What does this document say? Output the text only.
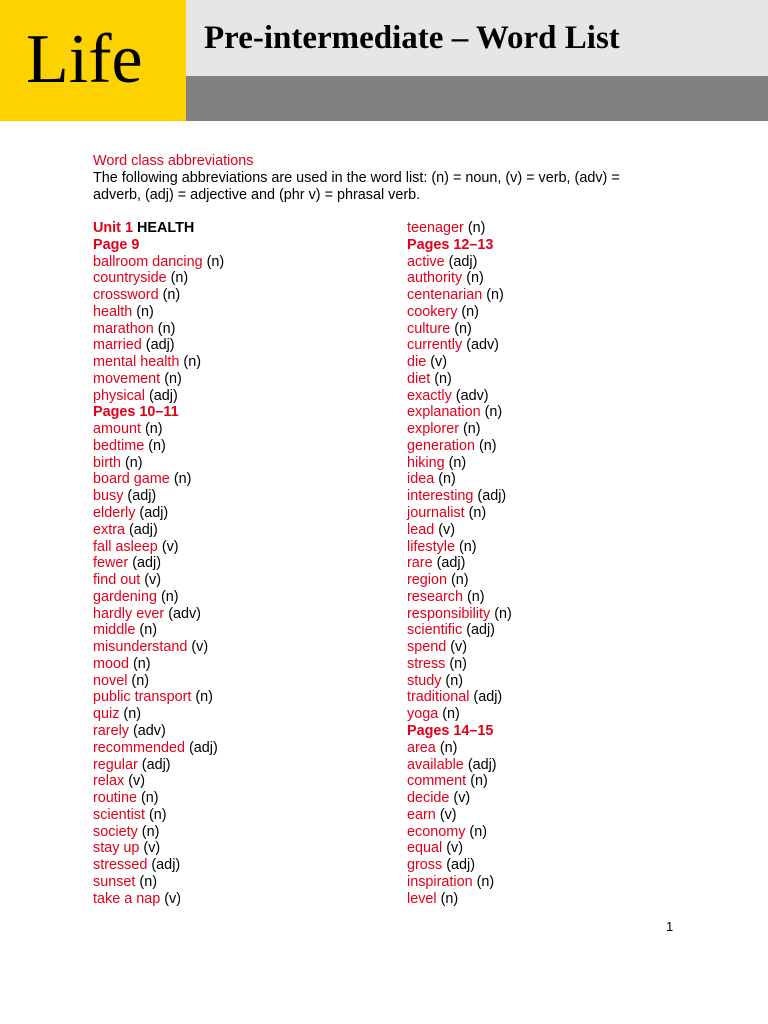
Life Pre-intermediate – Word List
Word class abbreviations
The following abbreviations are used in the word list: (n) = noun, (v) = verb, (adv) =
adverb, (adj) = adjective and (phr v) = phrasal verb.
Unit 1 HEALTH
Page 9
ballroom dancing (n)
countryside (n)
crossword (n)
health (n)
marathon (n)
married (adj)
mental health (n)
movement (n)
physical (adj)
Pages 10–11
amount (n)
bedtime (n)
birth (n)
board game (n)
busy (adj)
elderly (adj)
extra (adj)
fall asleep (v)
fewer (adj)
find out (v)
gardening (n)
hardly ever (adv)
middle (n)
misunderstand (v)
mood (n)
novel (n)
public transport (n)
quiz (n)
rarely (adv)
recommended (adj)
regular (adj)
relax (v)
routine (n)
scientist (n)
society (n)
stay up (v)
stressed (adj)
sunset (n)
take a nap (v)
teenager (n)
Pages 12–13
active (adj)
authority (n)
centenarian (n)
cookery (n)
culture (n)
currently (adv)
die (v)
diet (n)
exactly (adv)
explanation (n)
explorer (n)
generation (n)
hiking (n)
idea (n)
interesting (adj)
journalist (n)
lead (v)
lifestyle (n)
rare (adj)
region (n)
research (n)
responsibility (n)
scientific (adj)
spend (v)
stress (n)
study (n)
traditional (adj)
yoga (n)
Pages 14–15
area (n)
available (adj)
comment (n)
decide (v)
earn (v)
economy (n)
equal (v)
gross (adj)
inspiration (n)
level (n)
1
